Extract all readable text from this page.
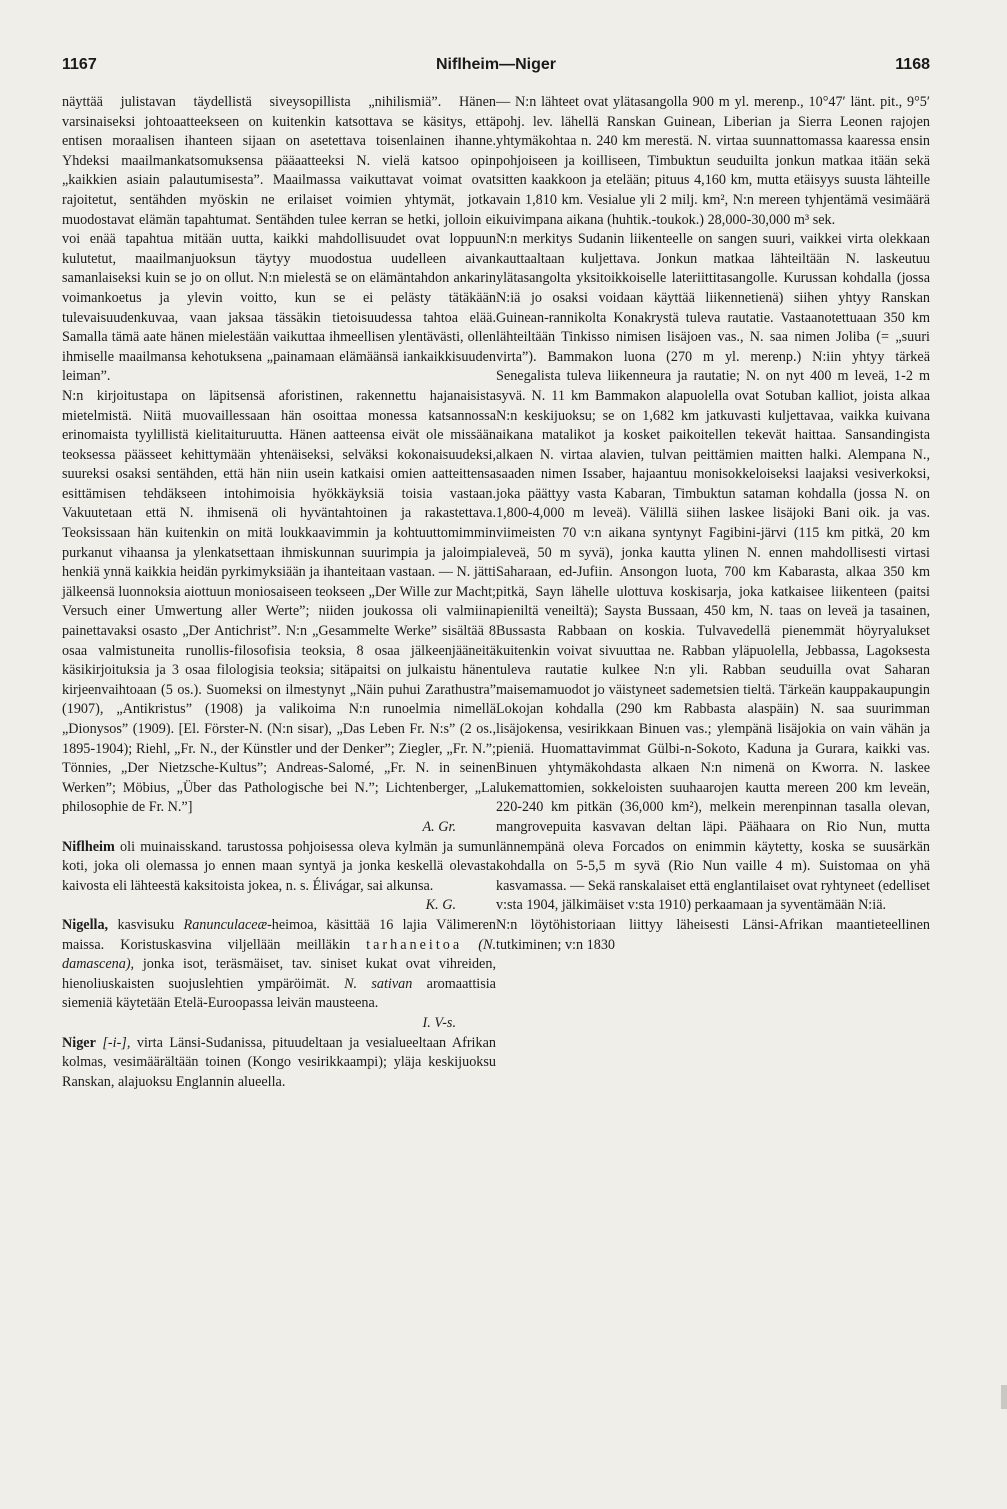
1167	Niflheim—Niger	1168

näyttää julistavan täydellistä siveysopillista „nihilismiä”. Hänen varsinaiseksi johtoaatteekseen on kuitenkin katsottava se käsitys, että entisen moraalisen ihanteen sijaan on asetettava toisenlainen ihanne. Yhdeksi maailmankatsomuksensa pääaatteeksi N. vielä katsoo opin „kaikkien asiain palautumisesta”. Maailmassa vaikuttavat voimat ovat rajoitetut, sentähden myöskin ne erilaiset voimien yhtymät, jotka muodostavat elämän tapahtumat. Sentähden tulee kerran se hetki, jolloin ei voi enää tapahtua mitään uutta, kaikki mahdollisuudet ovat loppuun kulutetut, maailmanjuoksun täytyy muodostua uudelleen aivan samanlaiseksi kuin se jo on ollut. N:n mielestä se on elämäntahdon ankarin voimankoetus ja ylevin voitto, kun se ei pelästy tätäkään tulevaisuudenkuvaa, vaan jaksaa tässäkin tietoisuudessa tahtoa elää. Samalla tämä aate hänen mielestään vaikuttaa ihmeellisen ylentävästi, ollen ihmiselle maailmansa kehotuksena „painamaan elämäänsä iankaikkisuuden leiman”.

N:n kirjoitustapa on läpitsensä aforistinen, rakennettu hajanaisista mietelmistä. Niitä muovaillessaan hän osoittaa monessa katsannossa erinomaista tyylillistä kielitaituruutta. Hänen aatteensa eivät ole missään teoksessa päässeet kehittymään yhtenäiseksi, selväksi kokonaisuudeksi, suureksi osaksi sentähden, että hän niin usein katkaisi omien aatteittensa esittämisen tehdäkseen intohimoisia hyökkäyksiä toisia vastaan. Vakuutetaan että N. ihmisenä oli hyväntahtoinen ja rakastettava. Teoksissaan hän kuitenkin on mitä loukkaavimmin ja kohtuuttomimmin purkanut vihaansa ja ylenkatsettaan ihmiskunnan suurimpia ja jaloimpia henkiä ynnä kaikkia heidän pyrkimyksiään ja ihanteitaan vastaan. — N. jätti jälkeensä luonnoksia aiottuun moniosaiseen teokseen „Der Wille zur Macht; Versuch einer Umwertung aller Werte”; niiden joukossa oli valmiina painettavaksi osasto „Der Antichrist”. N:n „Gesammelte Werke” sisältää 8 osaa valmistuneita runollis-filosofisia teoksia, 8 osaa jälkeenjääneitä käsikirjoituksia ja 3 osaa filologisia teoksia; sitäpaitsi on julkaistu hänen kirjeenvaihtoaan (5 os.). Suomeksi on ilmestynyt „Näin puhui Zarathustra” (1907), „Antikristus” (1908) ja valikoima N:n runoelmia nimellä „Dionysos” (1909). [El. Förster-N. (N:n sisar), „Das Leben Fr. N:s” (2 os., 1895-1904); Riehl, „Fr. N., der Künstler und der Denker”; Ziegler, „Fr. N.”; Tönnies, „Der Nietzsche-Kultus”; Andreas-Salomé, „Fr. N. in seinen Werken”; Möbius, „Über das Pathologische bei N.”; Lichtenberger, „La philosophie de Fr. N.”]

A. Gr.

Niflheim oli muinaisskand. tarustossa pohjoisessa oleva kylmän ja sumun koti, joka oli olemassa jo ennen maan syntyä ja jonka keskellä olevasta kaivosta eli lähteestä kaksitoista jokea, n. s. Élivágar, sai alkunsa.

K. G.

Nigella, kasvisuku Ranunculaceæ-heimoa, käsittää 16 lajia Välimeren maissa. Koristuskasvina viljellään meilläkin tarhaneitoa (N. damascena), jonka isot, teräsmäiset, tav. siniset kukat ovat vihreiden, hienoliuskaisten suojuslehtien ympäröimät. N. sativan aromaattisia siemeniä käytetään Etelä-Euroopassa leivän mausteena.

I. V-s.

Niger [-i-], virta Länsi-Sudanissa, pituudeltaan ja vesialueeltaan Afrikan kolmas, vesimäärältään toinen (Kongo vesirikkaampi); yläja keskijuoksu Ranskan, alajuoksu Englannin alueella.

— N:n lähteet ovat ylätasangolla 900 m yl. merenp., 10°47′ länt. pit., 9°5′ pohj. lev. lähellä Ranskan Guinean, Liberian ja Sierra Leonen rajojen yhtymäkohtaa n. 240 km merestä. N. virtaa suunnattomassa kaaressa ensin pohjoiseen ja koilliseen, Timbuktun seuduilta jonkun matkaa itään sekä sitten kaakkoon ja etelään; pituus 4,160 km, mutta etäisyys suusta lähteille vain 1,810 km. Vesialue yli 2 milj. km², N:n mereen tyhjentämä vesimäärä kuivimpana aikana (huhtik.-toukok.) 28,000-30,000 m³ sek.

N:n merkitys Sudanin liikenteelle on sangen suuri, vaikkei virta olekkaan kauttaaltaan kuljettava. Jonkun matkaa lähteiltään N. laskeutuu ylätasangolta yksitoikkoiselle lateriittitasangolle. Kurussan kohdalla (jossa N:iä jo osaksi voidaan käyttää liikennetienä) siihen yhtyy Ranskan Guinean-rannikolta Konakrystä tuleva rautatie. Vastaanotettuaan 350 km lähteiltään Tinkisso nimisen lisäjoen vas., N. saa nimen Joliba (= „suuri virta”). Bammakon luona (270 m yl. merenp.) N:iin yhtyy tärkeä Senegalista tuleva liikenneura ja rautatie; N. on nyt 400 m leveä, 1-2 m syvä. N. 11 km Bammakon alapuolella ovat Sotuban kalliot, joista alkaa N:n keskijuoksu; se on 1,682 km jatkuvasti kuljettavaa, vaikka kuivana aikana matalikot ja kosket paikoitellen tekevät haittaa. Sansandingista alkaen N. virtaa alavien, tulvan peittämien maitten halki. Alempana N., saaden nimen Issaber, hajaantuu monisokkeloiseksi laajaksi vesiverkoksi, joka päättyy vasta Kabaran, Timbuktun sataman kohdalla (jossa N. on 1,800-4,000 m leveä). Välillä siihen laskee lisäjoki Bani oik. ja vas. viimeisten 70 v:n aikana syntynyt Fagibini-järvi (115 km pitkä, 20 km leveä, 50 m syvä), jonka kautta ylinen N. ennen mahdollisesti virtasi Saharaan, ed-Jufiin. Ansongon luota, 700 km Kabarasta, alkaa 350 km pitkä, Sayn lähelle ulottuva koskisarja, joka katkaisee liikenteen (paitsi pieniltä veneiltä); Saysta Bussaan, 450 km, N. taas on leveä ja tasainen, Bussasta Rabbaan on koskia. Tulvavedellä pienemmät höyryalukset kuitenkin voivat sivuuttaa ne. Rabban yläpuolella, Jebbassa, Lagoksesta tuleva rautatie kulkee N:n yli. Rabban seuduilla ovat Saharan maisemamuodot jo väistyneet sademetsien tieltä. Tärkeän kauppakaupungin Lokojan kohdalla (290 km Rabbasta alaspäin) N. saa suurimman lisäjokensa, vesirikkaan Binuen vas.; ylempänä lisäjokia on vain vähän ja pieniä. Huomattavimmat Gülbi-n-Sokoto, Kaduna ja Gurara, kaikki vas. Binuen yhtymäkohdasta alkaen N:n nimenä on Kworra. N. laskee lukemattomien, sokkeloisten suuhaarojen kautta mereen 200 km leveän, 220-240 km pitkän (36,000 km²), melkein merenpinnan tasalla olevan, mangrovepuita kasvavan deltan läpi. Päähaara on Rio Nun, mutta lännempänä oleva Forcados on enimmin käytetty, koska se suusärkän kohdalla on 5-5,5 m syvä (Rio Nun vaille 4 m). Suistomaa on yhä kasvamassa. — Sekä ranskalaiset että englantilaiset ovat ryhtyneet (edelliset v:sta 1904, jälkimäiset v:sta 1910) perkaamaan ja syventämään N:iä.

N:n löytöhistoriaan liittyy läheisesti Länsi-Afrikan maantieteellinen tutkiminen; v:n 1830
